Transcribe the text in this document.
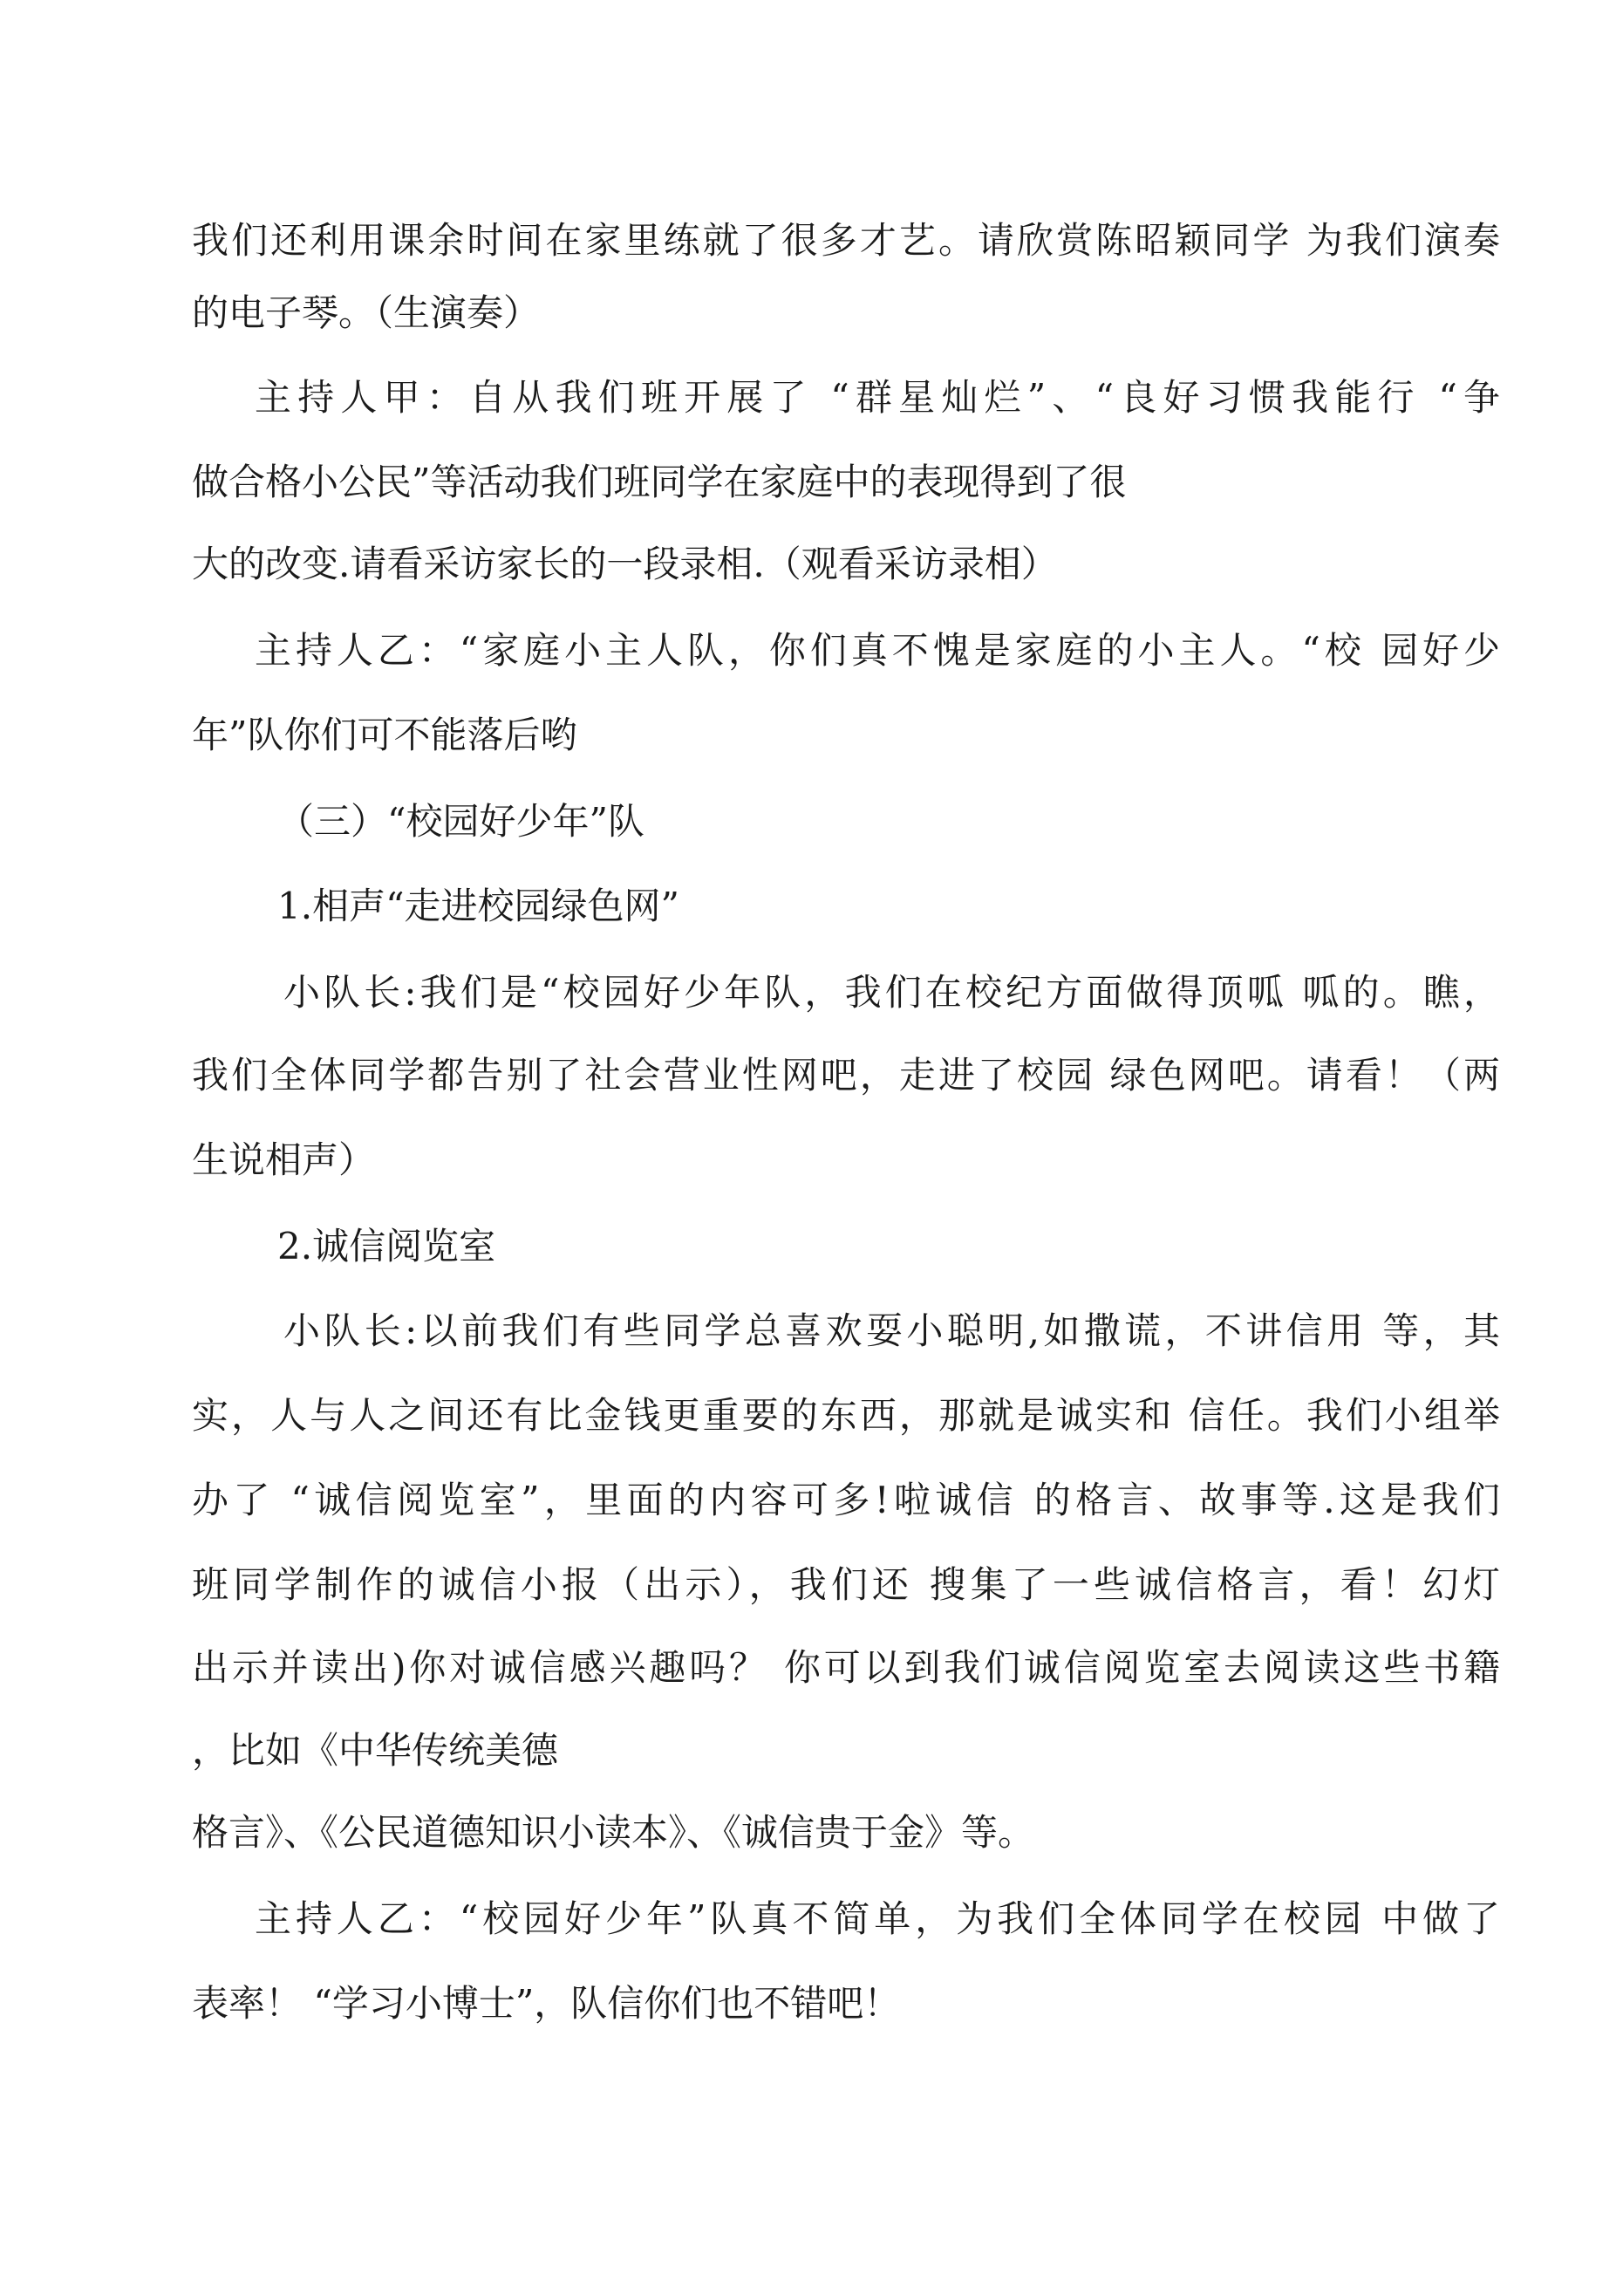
我们还利用课余时间在家里练就了很多才艺。请欣赏陈昭颖同学 为我们演奏
的电子琴。（生演奏）
主持人甲：自从我们班开展了 “群星灿烂”、“良好习惯我能行 “争
做合格小公民”等活动我们班同学在家庭中的表现得到了很
大的改变.请看采访家长的一段录相.（观看采访录相）
主持人乙：“家庭小主人队，你们真不愧是家庭的小主人。“校 园好少
年”队你们可不能落后哟
（三）“校园好少年”队
1.相声“走进校园绿色网”
小队长:我们是“校园好少年队，我们在校纪方面做得顶呱 呱的。瞧，
我们全体同学都告别了社会营业性网吧，走进了校园 绿色网吧。请看！（两
生说相声）
2.诚信阅览室
小队长:以前我们有些同学总喜欢耍小聪明,如撒谎，不讲信用 等，其
实，人与人之间还有比金钱更重要的东西，那就是诚实和 信任。我们小组举
办了 “诚信阅览室”，里面的内容可多!啦诚信 的格言、故事等.这是我们
班同学制作的诚信小报（出示），我们还 搜集了一些诚信格言，看！幻灯
出示并读出)你对诚信感兴趣吗？ 你可以到我们诚信阅览室去阅读这些书籍
，比如《中华传统美德
格言》、《公民道德知识小读本》、《诚信贵于金》等。
主持人乙：“校园好少年”队真不简单，为我们全体同学在校园 中做了
表率！ “学习小博士”，队信你们也不错吧！
